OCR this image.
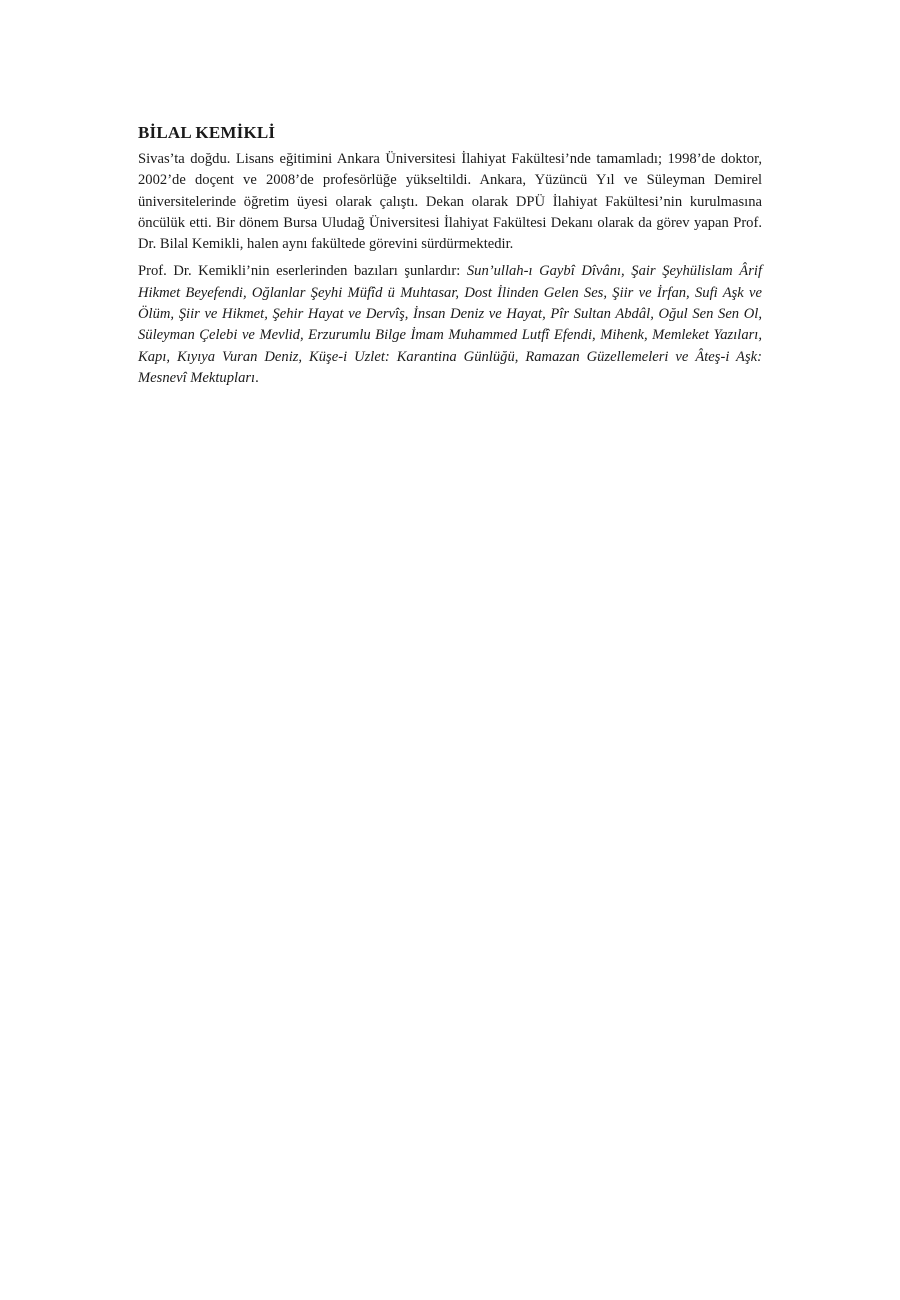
BİLAL KEMİKLİ

Sivas’ta doğdu. Lisans eğitimini Ankara Üniversitesi İlahiyat Fakültesi’nde tamamladı; 1998’de doktor, 2002’de doçent ve 2008’de profesörlüğe yükseltildi. Ankara, Yüzüncü Yıl ve Süleyman Demirel üniversitelerinde öğretim üyesi olarak çalıştı. Dekan olarak DPÜ İlahiyat Fakültesi’nin kurulmasına öncülük etti. Bir dönem Bursa Uludağ Üniversitesi İlahiyat Fakültesi Dekanı olarak da görev yapan Prof. Dr. Bilal Kemikli, halen aynı fakültede görevini sürdürmektedir.

Prof. Dr. Kemikli’nin eserlerinden bazıları şunlardır: Sun’ullah-ı Gaybî Dîvânı, Şair Şeyhülislam Ârif Hikmet Beyefendi, Oğlanlar Şeyhi Müfîd ü Muhtasar, Dost İlinden Gelen Ses, Şiir ve İrfan, Sufi Aşk ve Ölüm, Şiir ve Hikmet, Şehir Hayat ve Dervîş, İnsan Deniz ve Hayat, Pîr Sultan Abdâl, Oğul Sen Sen Ol, Süleyman Çelebi ve Mevlid, Erzurumlu Bilge İmam Muhammed Lutfî Efendi, Mihenk, Memleket Yazıları, Kapı, Kıyıya Vuran Deniz, Küşe-i Uzlet: Karantina Günlüğü, Ramazan Güzellemeleri ve Âteş-i Aşk: Mesnevî Mektupları.
